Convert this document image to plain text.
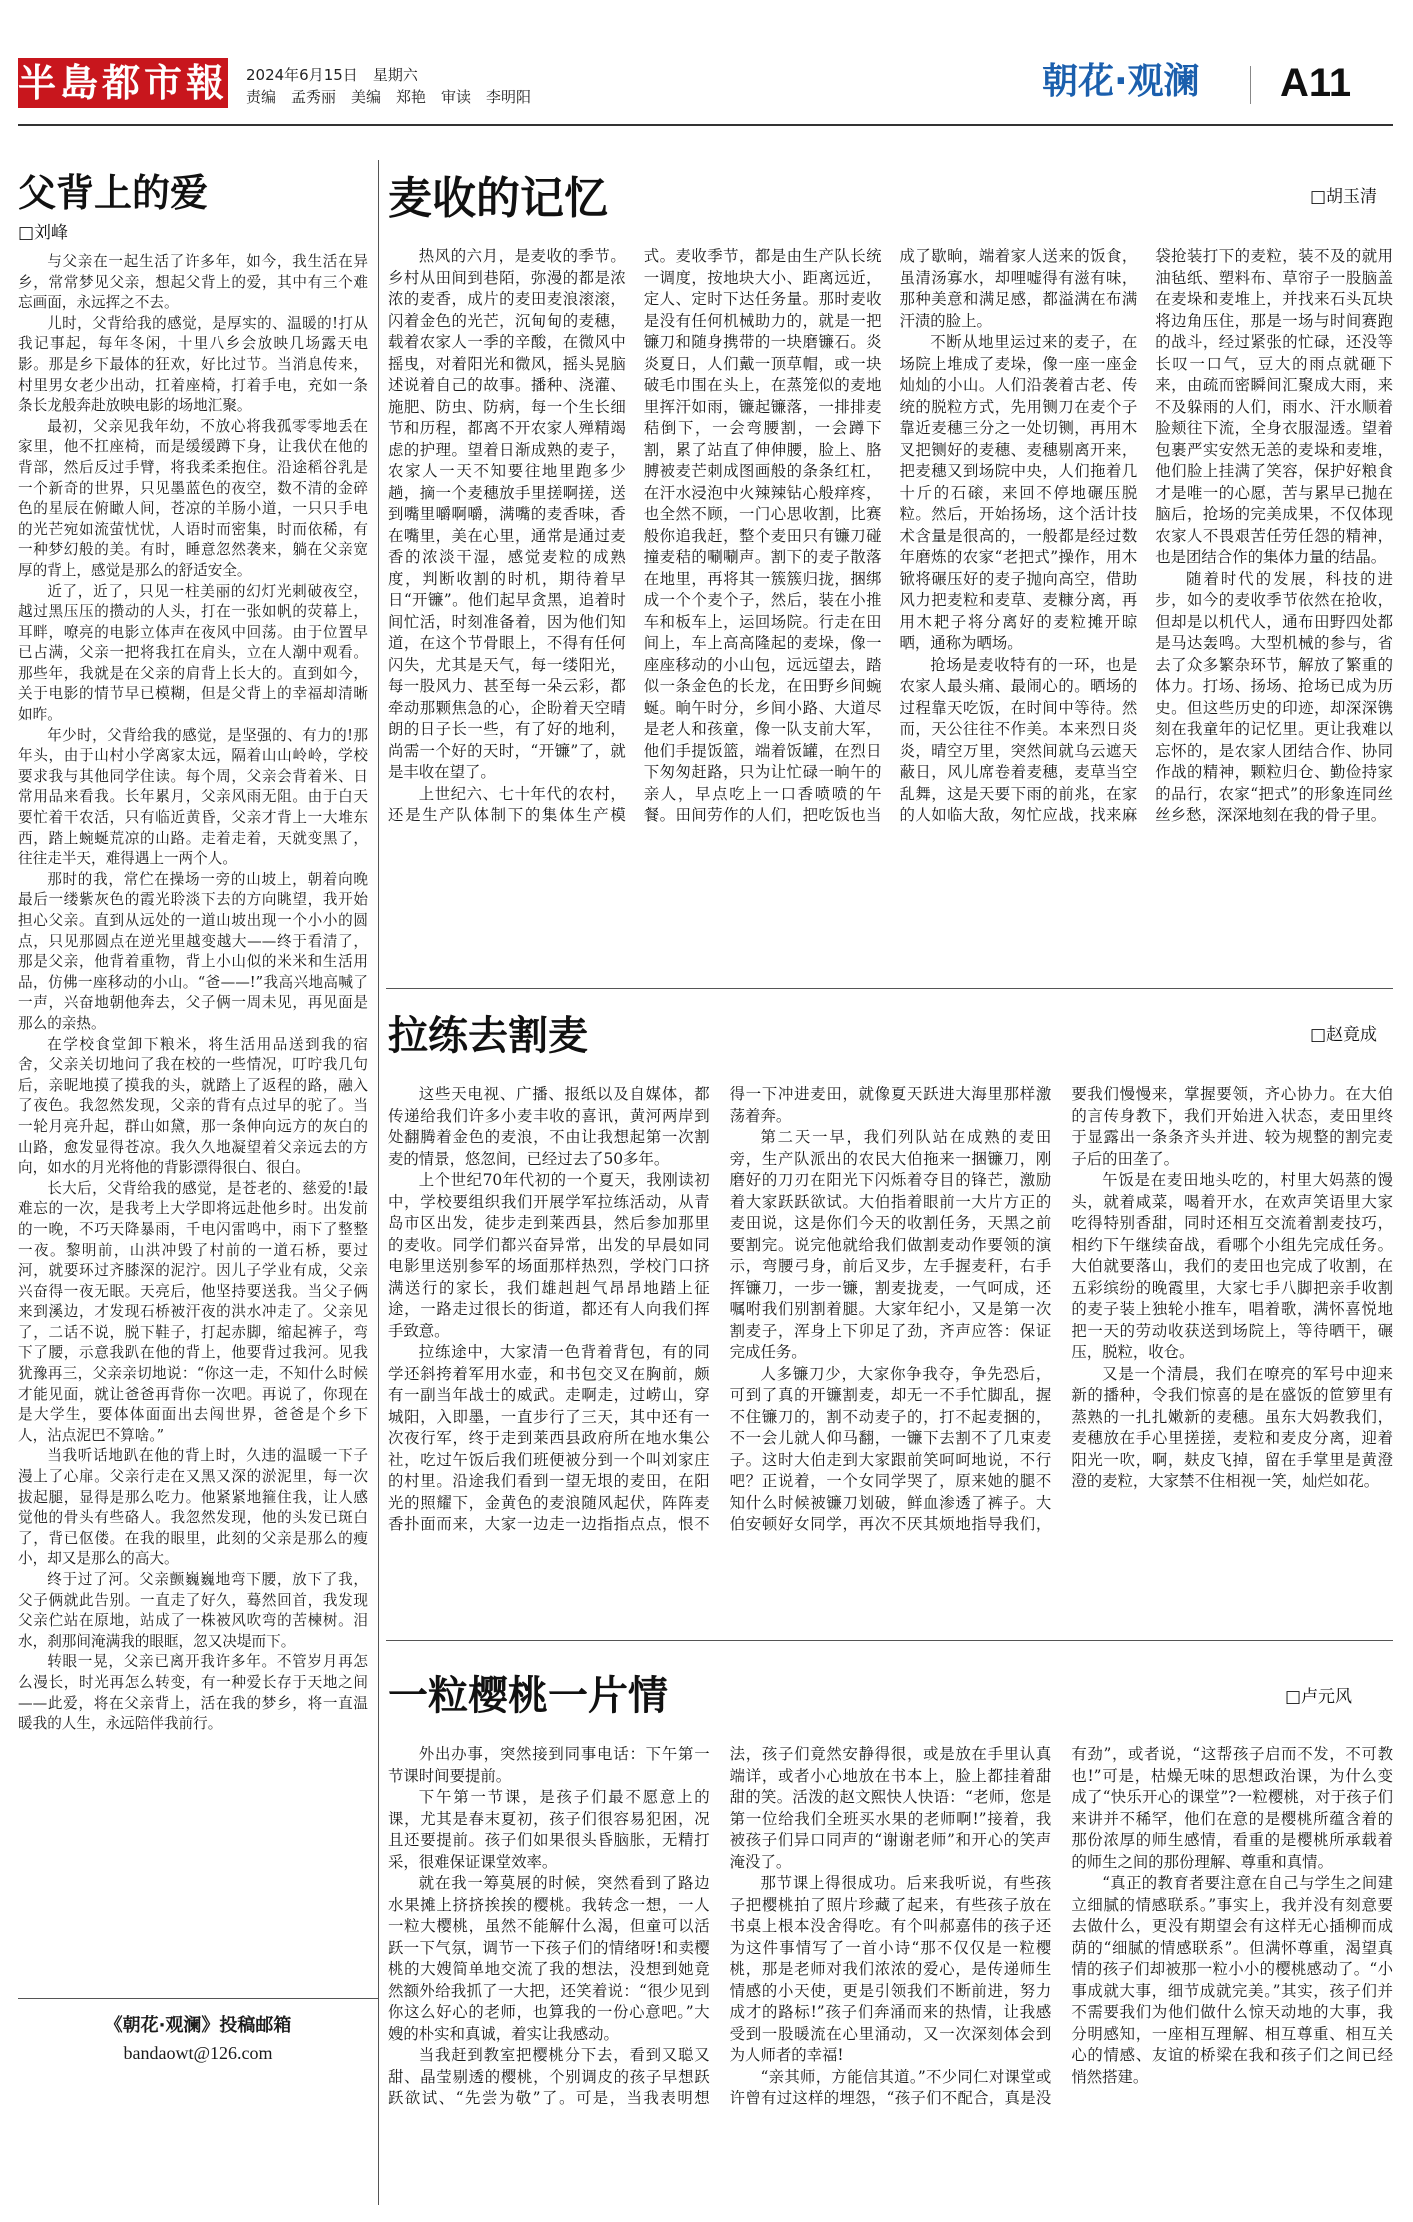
半島都市報 2024年6月15日　 星期六
责编　孟秀丽　美编　郑艳　审读　李明阳	朝花·观澜 A11
父背上的爱
□刘峰

与父亲在一起生活了许多年，如今，我生活在异乡，常常梦见父亲，想起父背上的爱，其中有三个难忘画面，永远挥之不去。

儿时，父背给我的感觉，是厚实的、温暖的!打从我记事起，每年冬闲，十里八乡会放映几场露天电影。那是乡下最体的狂欢，好比过节。当消息传来，村里男女老少出动，扛着座椅，打着手电，充如一条条长龙般奔赴放映电影的场地汇聚。

最初，父亲见我年幼，不放心将我孤零零地丢在家里，他不扛座椅，而是缓缓蹲下身，让我伏在他的背部，然后反过手臂，将我柔柔抱住。沿途稻谷乳是一个新奇的世界，只见墨蓝色的夜空，数不清的金碎色的星辰在俯瞰人间，苍凉的羊肠小道，一只只手电的光芒宛如流萤忧忧，人语时而密集，时而依稀，有一种梦幻般的美。有时，睡意忽然袭来，躺在父亲宽厚的背上，感觉是那么的舒适安全。

近了，近了，只见一柱美丽的幻灯光刺破夜空，越过黑压压的攒动的人头，打在一张如帆的荧幕上，耳畔，嘹亮的电影立体声在夜风中回荡。由于位置早已占满，父亲一把将我扛在肩头，立在人潮中观看。那些年，我就是在父亲的肩背上长大的。直到如今，关于电影的情节早已模糊，但是父背上的幸福却清晰如昨。

年少时，父背给我的感觉，是坚强的、有力的!那年头，由于山村小学离家太远，隔着山山岭岭，学校要求我与其他同学住读。每个周，父亲会背着米、日常用品来看我。长年累月，父亲风雨无阻。由于白天要忙着干农活，只有临近黄昏，父亲才背上一大堆东西，踏上蜿蜒荒凉的山路。走着走着，天就变黑了，往往走半天，难得遇上一两个人。

那时的我，常伫在操场一旁的山坡上，朝着向晚最后一缕紫灰色的霞光聆淡下去的方向眺望，我开始担心父亲。直到从远处的一道山坡出现一个小小的圆点，只见那圆点在逆光里越变越大——终于看清了，那是父亲，他背着重物，背上小山似的米米和生活用品，仿佛一座移动的小山。“爸——!”我高兴地高喊了一声，兴奋地朝他奔去，父子俩一周未见，再见面是那么的亲热。

在学校食堂卸下粮米，将生活用品送到我的宿舍，父亲关切地问了我在校的一些情况，叮咛我几句后，亲昵地摸了摸我的头，就踏上了返程的路，融入了夜色。我忽然发现，父亲的背有点过早的驼了。当一轮月亮升起，群山如黛，那一条伸向远方的灰白的山路，愈发显得苍凉。我久久地凝望着父亲远去的方向，如水的月光将他的背影漂得很白、很白。

长大后，父背给我的感觉，是苍老的、慈爱的!最难忘的一次，是我考上大学即将远赴他乡时。出发前的一晚，不巧天降暴雨，千电闪雷鸣中，雨下了整整一夜。黎明前，山洪冲毁了村前的一道石桥，要过河，就要环过齐膝深的泥泞。因儿子学业有成，父亲兴奋得一夜无眠。天亮后，他坚持要送我。当父子俩来到溪边，才发现石桥被汗夜的洪水冲走了。父亲见了，二话不说，脱下鞋子，打起赤脚，缩起裤子，弯下了腰，示意我趴在他的背上，他要背过我河。见我犹豫再三，父亲亲切地说：“你这一走，不知什么时候才能见面，就让爸爸再背你一次吧。再说了，你现在是大学生，要体体面面出去闯世界，爸爸是个乡下人，沾点泥巴不算啥。”

当我听话地趴在他的背上时，久违的温暖一下子漫上了心扉。父亲行走在又黑又深的淤泥里，每一次拔起腿，显得是那么吃力。他紧紧地箍住我，让人感觉他的骨头有些硌人。我忽然发现，他的头发已斑白了，背已伛偻。在我的眼里，此刻的父亲是那么的瘦小，却又是那么的高大。

终于过了河。父亲颤巍巍地弯下腰，放下了我，父子俩就此告别。一直走了好久，蓦然回首，我发现父亲伫站在原地，站成了一株被风吹弯的苦楝树。泪水，刹那间淹满我的眼眶，忽又决堤而下。

转眼一晃，父亲已离开我许多年。不管岁月再怎么漫长，时光再怎么转变，有一种爱长存于天地之间——此爱，将在父亲背上，活在我的梦乡，将一直温暖我的人生，永远陪伴我前行。

《朝花·观澜》投稿邮箱
bandaowt@126.com
麦收的记忆	□胡玉清

热风的六月，是麦收的季节。乡村从田间到巷陌，弥漫的都是浓浓的麦香，成片的麦田麦浪滚滚，闪着金色的光芒，沉甸甸的麦穗，载着农家人一季的辛酸，在微风中摇曳，对着阳光和微风，摇头晃脑述说着自己的故事。播种、浇灌、施肥、防虫、防病，每一个生长细节和历程，都离不开农家人殚精竭虑的护理。望着日渐成熟的麦子，农家人一天不知要往地里跑多少趟，摘一个麦穗放手里搓啊搓，送到嘴里嚼啊嚼，满嘴的麦香味，香在嘴里，美在心里，通常是通过麦香的浓淡干湿，感觉麦粒的成熟度，判断收割的时机，期待着早日“开镰”。他们起早贪黑，追着时间忙活，时刻准备着，因为他们知道，在这个节骨眼上，不得有任何闪失，尤其是天气，每一缕阳光，每一股风力、甚至每一朵云彩，都牵动那颗焦急的心，企盼着天空晴朗的日子长一些，有了好的地利，尚需一个好的天时，“开镰”了，就是丰收在望了。

上世纪六、七十年代的农村，还是生产队体制下的集体生产模式。麦收季节，都是由生产队长统一调度，按地块大小、距离远近，定人、定时下达任务量。那时麦收是没有任何机械助力的，就是一把镰刀和随身携带的一块磨镰石。炎炎夏日，人们戴一顶草帽，或一块破毛巾围在头上，在蒸笼似的麦地里挥汗如雨，镰起镰落，一排排麦秸倒下，一会弯腰割，一会蹲下割，累了站直了伸伸腰，脸上、胳膊被麦芒刺成图画般的条条红杠，在汗水浸泡中火辣辣钻心般痒疼，也全然不顾，一门心思收割，比赛般你追我赶，整个麦田只有镰刀碰撞麦秸的唰唰声。割下的麦子散落在地里，再将其一簇簇归拢，捆绑成一个个麦个子，然后，装在小推车和板车上，运回场院。行走在田间上，车上高高隆起的麦垛，像一座座移动的小山包，远远望去，踏似一条金色的长龙，在田野乡间蜿蜒。晌午时分，乡间小路、大道尽是老人和孩童，像一队支前大军，他们手提饭篮，端着饭罐，在烈日下匆匆赶路，只为让忙碌一晌午的亲人，早点吃上一口香喷喷的午餐。田间劳作的人们，把吃饭也当成了歇晌，端着家人送来的饭食，虽清汤寡水，却哩嘘得有滋有味，那种美意和满足感，都溢满在布满汗渍的脸上。

不断从地里运过来的麦子，在场院上堆成了麦垛，像一座一座金灿灿的小山。人们沿袭着古老、传统的脱粒方式，先用铡刀在麦个子靠近麦穗三分之一处切铡，再用木叉把铡好的麦穗、麦穗剔离开来，把麦穗又到场院中央，人们拖着几十斤的石磙，来回不停地碾压脱粒。然后，开始扬场，这个活计技术含量是很高的，一般都是经过数年磨炼的农家“老把式”操作，用木锨将碾压好的麦子抛向高空，借助风力把麦粒和麦草、麦糠分离，再用木耙子将分离好的麦粒摊开晾晒，通称为晒场。

抢场是麦收特有的一环，也是农家人最头痛、最闹心的。晒场的过程靠天吃饭，在时间中等待。然而，天公往往不作美。本来烈日炎炎，晴空万里，突然间就乌云遮天蔽日，风儿席卷着麦穗，麦草当空乱舞，这是天要下雨的前兆，在家的人如临大敌，匆忙应战，找来麻袋抢装打下的麦粒，装不及的就用油毡纸、塑料布、草帘子一股脑盖在麦垛和麦堆上，并找来石头瓦块将边角压住，那是一场与时间赛跑的战斗，经过紧张的忙碌，还没等长叹一口气，豆大的雨点就砸下来，由疏而密瞬间汇聚成大雨，来不及躲雨的人们，雨水、汗水顺着脸颊往下流，全身衣服湿透。望着包裹严实安然无恙的麦垛和麦堆，他们脸上挂满了笑容，保护好粮食才是唯一的心愿，苦与累早已抛在脑后，抢场的完美成果，不仅体现农家人不畏艰苦任劳任怨的精神，也是团结合作的集体力量的结晶。

随着时代的发展，科技的进步，如今的麦收季节依然在抢收，但却是以机代人，通布田野四处都是马达轰鸣。大型机械的参与，省去了众多繁杂环节，解放了繁重的体力。打场、扬场、抢场已成为历史。但这些历史的印迹，却深深镌刻在我童年的记忆里。更让我难以忘怀的，是农家人团结合作、协同作战的精神，颗粒归仓、勤俭持家的品行，农家“把式”的形象连同丝丝乡愁，深深地刻在我的骨子里。

拉练去割麦	□赵竟成

这些天电视、广播、报纸以及自媒体，都传递给我们许多小麦丰收的喜讯，黄河两岸到处翻腾着金色的麦浪，不由让我想起第一次割麦的情景，悠忽间，已经过去了50多年。

上个世纪70年代初的一个夏天，我刚读初中，学校要组织我们开展学军拉练活动，从青岛市区出发，徒步走到莱西县，然后参加那里的麦收。同学们都兴奋异常，出发的早晨如同电影里送别参军的场面那样热烈，学校门口挤满送行的家长，我们雄赳赳气昂昂地踏上征途，一路走过很长的街道，都还有人向我们挥手致意。

拉练途中，大家清一色背着背包，有的同学还斜挎着军用水壶，和书包交叉在胸前，颇有一副当年战士的威武。走啊走，过崂山，穿城阳，入即墨，一直步行了三天，其中还有一次夜行军，终于走到莱西县政府所在地水集公社，吃过午饭后我们班便被分到一个叫刘家庄的村里。沿途我们看到一望无垠的麦田，在阳光的照耀下，金黄色的麦浪随风起伏，阵阵麦香扑面而来，大家一边走一边指指点点，恨不得一下冲进麦田，就像夏天跃进大海里那样激荡着奔。

第二天一早，我们列队站在成熟的麦田旁，生产队派出的农民大伯拖来一捆镰刀，刚磨好的刀刃在阳光下闪烁着夺目的锋芒，激励着大家跃跃欲试。大伯指着眼前一大片方正的麦田说，这是你们今天的收割任务，天黑之前要割完。说完他就给我们做割麦动作要领的演示，弯腰弓身，前后叉步，左手握麦秆，右手挥镰刀，一步一镰，割麦拢麦，一气呵成，还嘱咐我们别割着腿。大家年纪小，又是第一次割麦子，浑身上下卯足了劲，齐声应答：保证完成任务。

人多镰刀少，大家你争我夺，争先恐后，可到了真的开镰割麦，却无一不手忙脚乱，握不住镰刀的，割不动麦子的，打不起麦捆的，不一会儿就人仰马翻，一镰下去割不了几束麦子。这时大伯走到大家跟前笑呵呵地说，不行吧？正说着，一个女同学哭了，原来她的腿不知什么时候被镰刀划破，鲜血渗透了裤子。大伯安顿好女同学，再次不厌其烦地指导我们，要我们慢慢来，掌握要领，齐心协力。在大伯的言传身教下，我们开始进入状态，麦田里终于显露出一条条齐头并进、较为规整的割完麦子后的田垄了。

午饭是在麦田地头吃的，村里大妈蒸的馒头，就着咸菜，喝着开水，在欢声笑语里大家吃得特别香甜，同时还相互交流着割麦技巧，相约下午继续奋战，看哪个小组先完成任务。大伯就要落山，我们的麦田也完成了收割，在五彩缤纷的晚霞里，大家七手八脚把亲手收割的麦子装上独轮小推车，唱着歌，满怀喜悦地把一天的劳动收获送到场院上，等待晒干，碾压，脱粒，收仓。

又是一个清晨，我们在嘹亮的军号中迎来新的播种，令我们惊喜的是在盛饭的笸箩里有蒸熟的一扎扎嫩新的麦穗。虽东大妈教我们，麦穗放在手心里搓搓，麦粒和麦皮分离，迎着阳光一吹，啊，麸皮飞掉，留在手掌里是黄澄澄的麦粒，大家禁不住相视一笑，灿烂如花。

一粒樱桃一片情	□卢元风

外出办事，突然接到同事电话：下午第一节课时间要提前。

下午第一节课，是孩子们最不愿意上的课，尤其是春末夏初，孩子们很容易犯困，况且还要提前。孩子们如果很头昏脑胀，无精打采，很难保证课堂效率。

就在我一筹莫展的时候，突然看到了路边水果摊上挤挤挨挨的樱桃。我转念一想，一人一粒大樱桃，虽然不能解什么渴，但童可以活跃一下气氛，调节一下孩子们的情绪呀!和卖樱桃的大嫂简单地交流了我的想法，没想到她竟然额外给我抓了一大把，还笑着说：“很少见到你这么好心的老师，也算我的一份心意吧。”大嫂的朴实和真诚，着实让我感动。

当我赶到教室把樱桃分下去，看到又聪又甜、晶莹剔透的樱桃，个别调皮的孩子早想跃跃欲试、“先尝为敬”了。可是，当我表明想法，孩子们竟然安静得很，或是放在手里认真端详，或者小心地放在书本上，脸上都挂着甜甜的笑。活泼的赵文熙快人快语：“老师，您是第一位给我们全班买水果的老师啊!”接着，我被孩子们异口同声的“谢谢老师”和开心的笑声淹没了。

那节课上得很成功。后来我听说，有些孩子把樱桃拍了照片珍藏了起来，有些孩子放在书桌上根本没舍得吃。有个叫郝嘉伟的孩子还为这件事情写了一首小诗“那不仅仅是一粒樱桃，那是老师对我们浓浓的爱心，是传递师生情感的小天使，更是引领我们不断前进，努力成才的路标!”孩子们奔涌而来的热情，让我感受到一股暖流在心里涌动，又一次深刻体会到为人师者的幸福!

“亲其师，方能信其道。”不少同仁对课堂或许曾有过这样的埋怨，“孩子们不配合，真是没有劲”，或者说，“这帮孩子启而不发，不可教也!”可是，枯燥无味的思想政治课，为什么变成了“快乐开心的课堂”?一粒樱桃，对于孩子们来讲并不稀罕，他们在意的是樱桃所蕴含着的那份浓厚的师生感情，看重的是樱桃所承载着的师生之间的那份理解、尊重和真情。

“真正的教育者要注意在自己与学生之间建立细腻的情感联系。”事实上，我并没有刻意要去做什么，更没有期望会有这样无心插柳而成荫的“细腻的情感联系”。但满怀尊重，渴望真情的孩子们却被那一粒小小的樱桃感动了。“小事成就大事，细节成就完美。”其实，孩子们并不需要我们为他们做什么惊天动地的大事，我分明感知，一座相互理解、相互尊重、相互关心的情感、友谊的桥梁在我和孩子们之间已经悄然搭建。
